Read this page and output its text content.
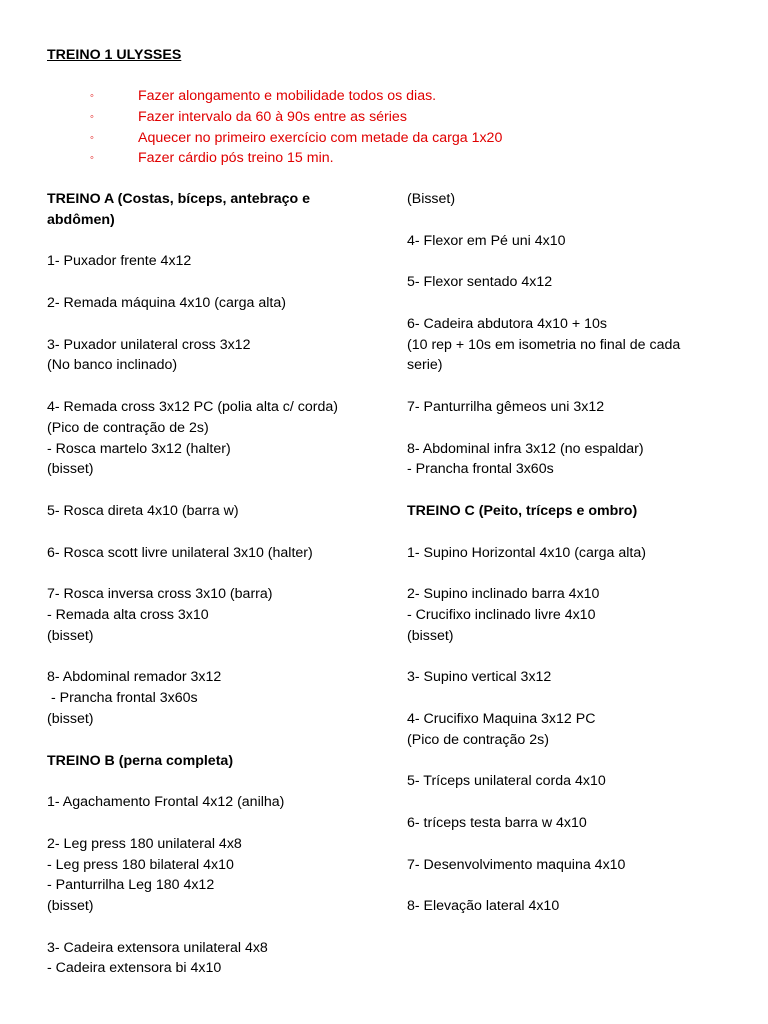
TREINO 1 ULYSSES
◦	Fazer alongamento e mobilidade todos os dias.
◦	Fazer intervalo da 60 à 90s entre as séries
◦	Aquecer no primeiro exercício com metade da carga 1x20
◦	Fazer cárdio pós treino 15 min.
TREINO A (Costas, bíceps, antebraço e
abdômen)
1- Puxador frente 4x12
2- Remada máquina 4x10 (carga alta)
3- Puxador unilateral cross 3x12
(No banco inclinado)
4- Remada cross 3x12 PC (polia alta c/ corda)
(Pico de contração de 2s)
- Rosca martelo 3x12 (halter)
(bisset)
5- Rosca direta 4x10 (barra w)
6- Rosca scott livre unilateral 3x10 (halter)
7- Rosca inversa cross 3x10 (barra)
- Remada alta cross 3x10
(bisset)
8- Abdominal remador 3x12
- Prancha frontal 3x60s
(bisset)
TREINO B (perna completa)
1- Agachamento Frontal 4x12 (anilha)
2- Leg press 180 unilateral 4x8
- Leg press 180 bilateral 4x10
- Panturrilha Leg 180 4x12
(bisset)
3- Cadeira extensora unilateral 4x8
- Cadeira extensora bi 4x10
(Bisset)
4- Flexor em Pé uni 4x10
5- Flexor sentado 4x12
6- Cadeira abdutora 4x10 + 10s
(10 rep + 10s em isometria no final de cada
serie)
7- Panturrilha gêmeos uni 3x12
8- Abdominal infra 3x12 (no espaldar)
- Prancha frontal 3x60s
TREINO C (Peito, tríceps e ombro)
1- Supino Horizontal 4x10 (carga alta)
2- Supino inclinado barra 4x10
- Crucifixo inclinado livre 4x10
(bisset)
3- Supino vertical 3x12
4- Crucifixo Maquina 3x12 PC
(Pico de contração 2s)
5- Tríceps unilateral corda 4x10
6- tríceps testa barra w 4x10
7- Desenvolvimento maquina 4x10
8- Elevação lateral 4x10
